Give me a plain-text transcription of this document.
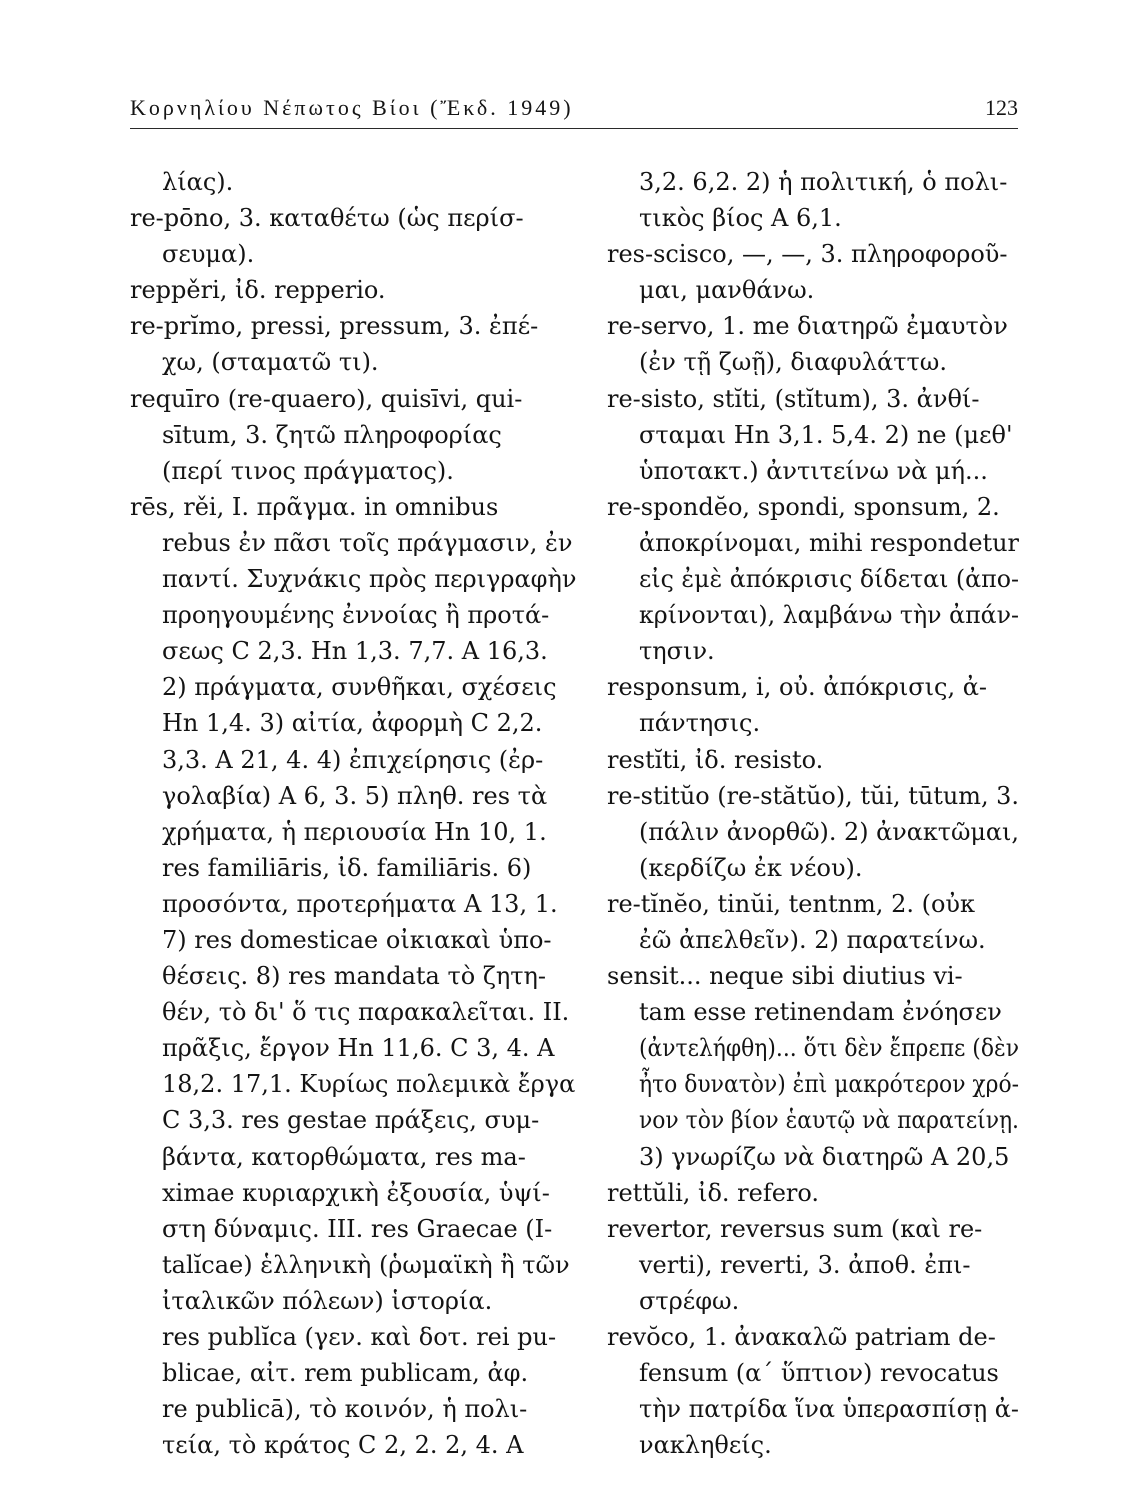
Κορνηλίου Νέπωτος Βίοι (Ἔκδ. 1949)	123
λίας).
re-pōno, 3. καταθέτω (ὡς περίσ-
σευμα).
reppěri, ἰδ. repperio.
re-prĭmo, pressi, pressum, 3. ἐπέ-
χω, (σταματῶ τι).
requīro (re-quaero), quisīvi, qui-
sītum, 3. ζητῶ πληροφορίας
(περί τινος πράγματος).
rēs, rěi, I. πρᾶγμα. in omnibus
rebus ἐν πᾶσι τοῖς πράγμασιν, ἐν
παντί. Συχνάκις πρὸς περιγραφὴν
προηγουμένης ἐννοίας ἢ προτά-
σεως C 2,3. Hn 1,3. 7,7. A 16,3.
2) πράγματα, συνθῆκαι, σχέσεις
Hn 1,4. 3) αἰτία, ἀφορμὴ C 2,2.
3,3. A 21, 4. 4) ἐπιχείρησις (ἐρ-
γολαβία) A 6, 3. 5) πληθ. res τὰ
χρήματα, ἡ περιουσία Hn 10, 1.
res familiāris, ἰδ. familiāris. 6)
προσόντα, προτερήματα A 13, 1.
7) res domesticae οἰκιακαὶ ὑπο-
θέσεις. 8) res mandata τὸ ζητη-
θέν, τὸ δι' ὅ τις παρακαλεῖται. II.
πρᾶξις, ἔργον Hn 11,6. C 3, 4. A
18,2. 17,1. Κυρίως πολεμικὰ ἔργα
C 3,3. res gestae πράξεις, συμ-
βάντα, κατορθώματα, res ma-
ximae κυριαρχικὴ ἐξουσία, ὑψί-
στη δύναμις. III. res Graecae (I-
talĭcae) ἑλληνικὴ (ῥωμαϊκὴ ἢ τῶν
ἰταλικῶν πόλεων) ἱστορία.
res publĭca (γεν. καὶ δοτ. rei pu-
blicae, αἰτ. rem publicam, ἀφ.
re publicā), τὸ κοινόν, ἡ πολι-
τεία, τὸ κράτος C 2, 2. 2, 4. A
3,2. 6,2. 2) ἡ πολιτική, ὁ πολι-
τικὸς βίος A 6,1.
res-scisco, —, —, 3. πληροφοροῦ-
μαι, μανθάνω.
re-servo, 1. me διατηρῶ ἐμαυτὸν
(ἐν τῇ ζωῇ), διαφυλάττω.
re-sisto, stĭti, (stĭtum), 3. ἀνθί-
σταμαι Hn 3,1. 5,4. 2) ne (μεθ'
ὑποτακτ.) ἀντιτείνω νὰ μή...
re-spondĕo, spondi, sponsum, 2.
ἀποκρίνομαι, mihi respondetur
εἰς ἐμὲ ἀπόκρισις δίδεται (ἀπο-
κρίνονται), λαμβάνω τὴν ἀπάν-
τησιν.
responsum, i, οὐ. ἀπόκρισις, ἀ-
πάντησις.
restĭti, ἰδ. resisto.
re-stitŭo (re-stătŭo), tŭi, tūtum, 3.
(πάλιν ἀνορθῶ). 2) ἀνακτῶμαι,
(κερδίζω ἐκ νέου).
re-tĭnĕo, tinŭi, tentnm, 2. (οὐκ
ἐῶ ἀπελθεῖν). 2) παρατείνω.
sensit... neque sibi diutius vi-
tam esse retinendam ἐνόησεν
(ἀντελήφθη)... ὅτι δὲν ἔπρεπε (δὲν
ἦτο δυνατὸν) ἐπὶ μακρότερον χρό-
νον τὸν βίον ἑαυτῷ νὰ παρατείνῃ.
3) γνωρίζω νὰ διατηρῶ A 20,5
rettŭli, ἰδ. refero.
revertor, reversus sum (καὶ re-
verti), reverti, 3. ἀποθ. ἐπι-
στρέφω.
revŏco, 1. ἀνακαλῶ patriam de-
fensum (α΄ ὕπτιον) revocatus
τὴν πατρίδα ἵνα ὑπερασπίσῃ ἀ-
νακληθείς.
